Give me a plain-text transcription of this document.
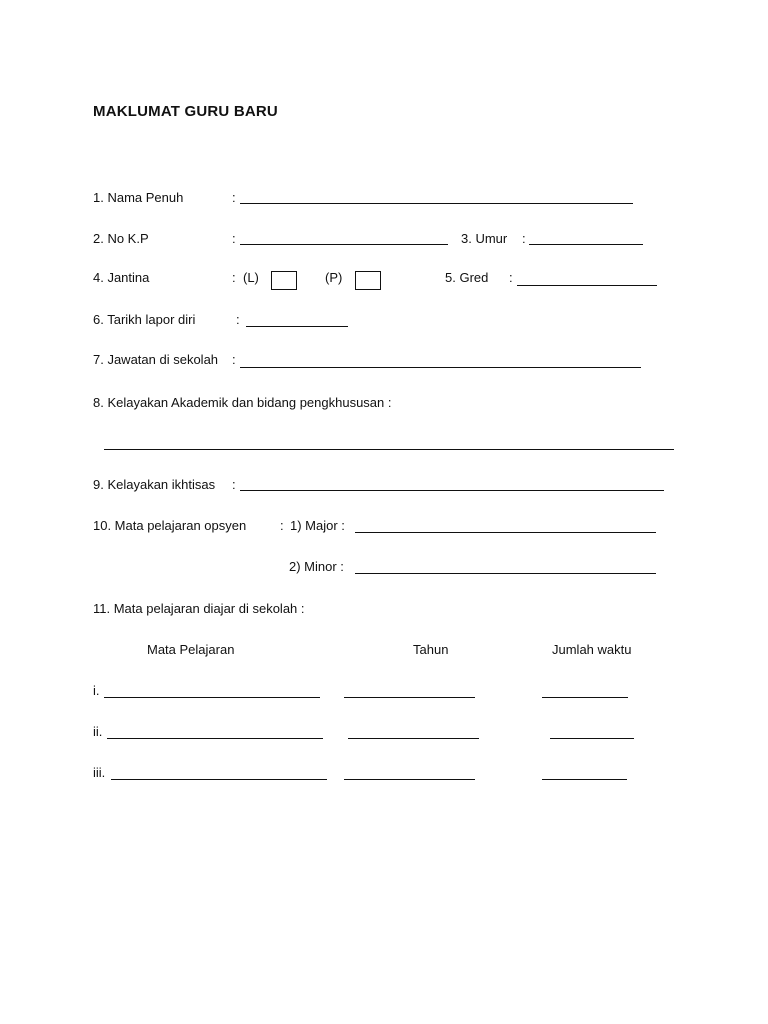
MAKLUMAT GURU BARU
1. Nama Penuh	:
2. No K.P	:	3. Umur :
4. Jantina	: (L)	(P)	5. Gred :
6. Tarikh lapor diri	:
7. Jawatan di sekolah :
8. Kelayakan Akademik dan bidang pengkhususan :
9. Kelayakan ikhtisas :
10. Mata pelajaran opsyen	: 1) Major :
2) Minor :
11. Mata pelajaran diajar di sekolah :
Mata Pelajaran	Tahun	Jumlah waktu
i.
ii.
iii.
